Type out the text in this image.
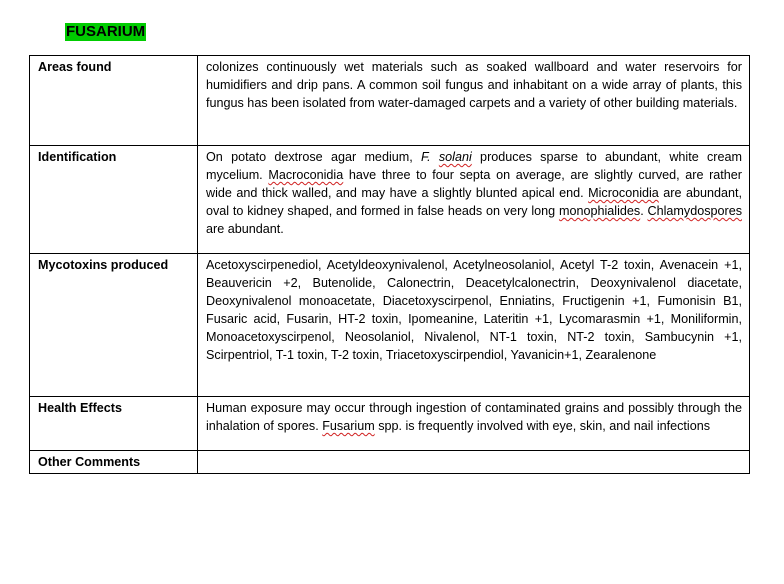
FUSARIUM
Areas found	colonizes continuously wet materials such as soaked wallboard and water reservoirs for humidifiers and drip pans. A common soil fungus and inhabitant on a wide array of plants, this fungus has been isolated from water-damaged carpets and a variety of other building materials.
Identification	On potato dextrose agar medium, F. solani produces sparse to abundant, white cream mycelium. Macroconidia have three to four septa on average, are slightly curved, are rather wide and thick walled, and may have a slightly blunted apical end. Microconidia are abundant, oval to kidney shaped, and formed in false heads on very long monophialides. Chlamydospores are abundant.
Mycotoxins produced	Acetoxyscirpenediol, Acetyldeoxynivalenol, Acetylneosolaniol, Acetyl T-2 toxin, Avenacein +1, Beauvericin +2, Butenolide, Calonectrin, Deacetylcalonectrin, Deoxynivalenol diacetate, Deoxynivalenol monoacetate, Diacetoxyscirpenol, Enniatins, Fructigenin +1, Fumonisin B1, Fusaric acid, Fusarin, HT-2 toxin, Ipomeanine, Lateritin +1, Lycomarasmin +1, Moniliformin, Monoacetoxyscirpenol, Neosolaniol, Nivalenol, NT-1 toxin, NT-2 toxin, Sambucynin +1, Scirpentriol, T-1 toxin, T-2 toxin, Triacetoxyscirpendiol, Yavanicin+1, Zearalenone
Health Effects	Human exposure may occur through ingestion of contaminated grains and possibly through the inhalation of spores. Fusarium spp. is frequently involved with eye, skin, and nail infections
Other Comments	
